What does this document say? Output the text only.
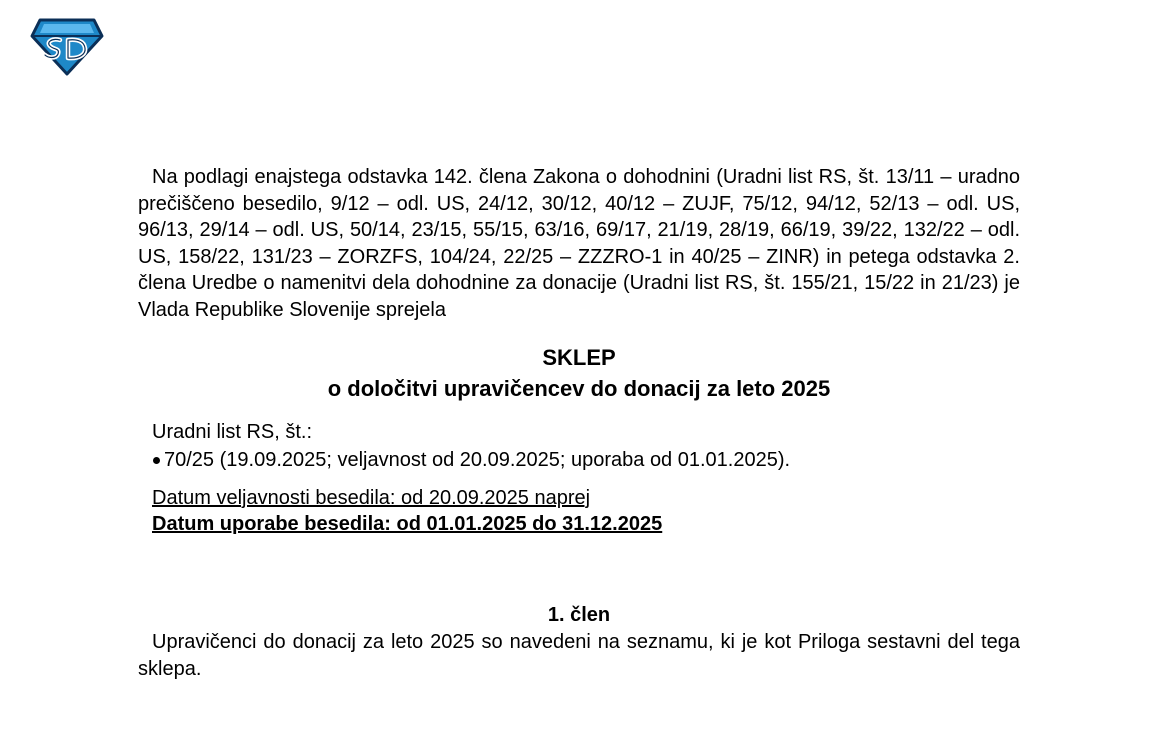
Na podlagi enajstega odstavka 142. člena Zakona o dohodnini (Uradni list RS, št. 13/11 – uradno prečiščeno besedilo, 9/12 – odl. US, 24/12, 30/12, 40/12 – ZUJF, 75/12, 94/12, 52/13 – odl. US, 96/13, 29/14 – odl. US, 50/14, 23/15, 55/15, 63/16, 69/17, 21/19, 28/19, 66/19, 39/22, 132/22 – odl. US, 158/22, 131/23 – ZORZFS, 104/24, 22/25 – ZZZRO-1 in 40/25 – ZINR) in petega odstavka 2. člena Uredbe o namenitvi dela dohodnine za donacije (Uradni list RS, št. 155/21, 15/22 in 21/23) je Vlada Republike Slovenije sprejela

SKLEP
o določitvi upravičencev do donacij za leto 2025
Uradni list RS, št.:
70/25 (19.09.2025; veljavnost od 20.09.2025; uporaba od 01.01.2025).
Datum veljavnosti besedila: od 20.09.2025 naprej
Datum uporabe besedila: od 01.01.2025 do 31.12.2025
1. člen

Upravičenci do donacij za leto 2025 so navedeni na seznamu, ki je kot Priloga sestavni del tega sklepa.
